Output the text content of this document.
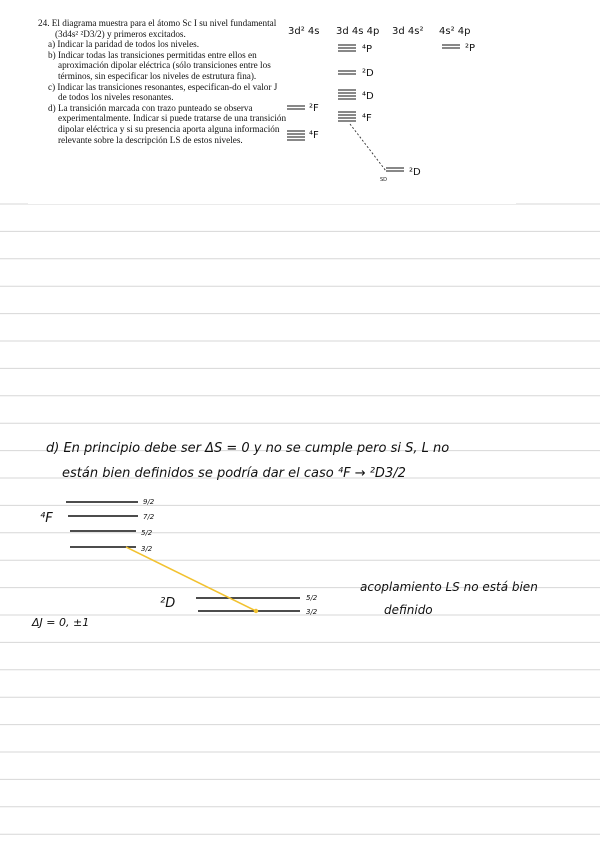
24. El diagrama muestra para el átomo Sc I su nivel fundamental (3d4s² ²D3/2) y primeros excitados.

a) Indicar la paridad de todos los niveles.

b) Indicar todas las transiciones permitidas entre ellos en aproximación dipolar eléctrica (sólo transiciones entre los términos, sin especificar los niveles de estrutura fina).

c) Indicar las transiciones resonantes, especifican-do el valor J de todos los niveles resonantes.

d) La transición marcada con trazo punteado se observa experimentalmente. Indicar si puede tratarse de una transición dipolar eléctrica y si su presencia aporta alguna información relevante sobre la descripción LS de estos niveles.

3d² 4s 3d 4s 4p 3d 4s² 4s² 4p
⁴P
²D
⁴D
⁴F
²P
²F
⁴F
²D
SD
d) En principio debe ser ΔS = 0 y no se cumple pero si S, L no
están bien definidos se podría dar el caso ⁴F → ²D3/2
⁴F
9/2
7/2
5/2
3/2
²D	5/2
3/2
acoplamiento LS no está bien
definido
ΔJ = 0, ±1
